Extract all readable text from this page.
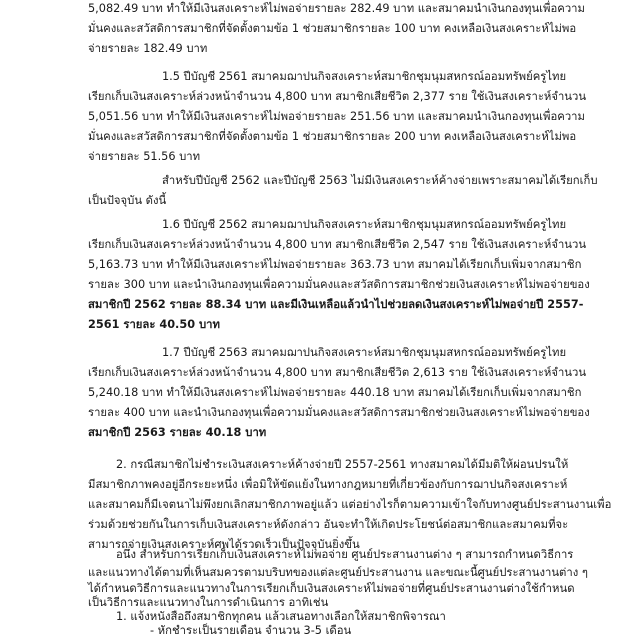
5,082.49 บาท ทำให้มีเงินสงเคราะห์ไม่พอจ่ายรายละ 282.49 บาท และสมาคมนำเงินกองทุนเพื่อความ
มั่นคงและสวัสดิการสมาชิกที่จัดตั้งตามข้อ 1 ช่วยสมาชิกรายละ 100 บาท คงเหลือเงินสงเคราะห์ไม่พอ
จ่ายรายละ 182.49 บาท
1.5 ปีบัญชี 2561 สมาคมฌาปนกิจสงเคราะห์สมาชิกชุมนุมสหกรณ์ออมทรัพย์ครูไทย
เรียกเก็บเงินสงเคราะห์ล่วงหน้าจำนวน 4,800 บาท สมาชิกเสียชีวิต 2,377 ราย ใช้เงินสงเคราะห์จำนวน
5,051.56 บาท ทำให้มีเงินสงเคราะห์ไม่พอจ่ายรายละ 251.56 บาท และสมาคมนำเงินกองทุนเพื่อความ
มั่นคงและสวัสดิการสมาชิกที่จัดตั้งตามข้อ 1 ช่วยสมาชิกรายละ 200 บาท คงเหลือเงินสงเคราะห์ไม่พอ
จ่ายรายละ 51.56 บาท
สำหรับปีบัญชี 2562 และปีบัญชี 2563 ไม่มีเงินสงเคราะห์ค้างจ่ายเพราะสมาคมได้เรียกเก็บ
เป็นปัจจุบัน ดังนี้
1.6 ปีบัญชี 2562 สมาคมฌาปนกิจสงเคราะห์สมาชิกชุมนุมสหกรณ์ออมทรัพย์ครูไทย
เรียกเก็บเงินสงเคราะห์ล่วงหน้าจำนวน 4,800 บาท สมาชิกเสียชีวิต 2,547 ราย ใช้เงินสงเคราะห์จำนวน
5,163.73 บาท ทำให้มีเงินสงเคราะห์ไม่พอจ่ายรายละ 363.73 บาท สมาคมได้เรียกเก็บเพิ่มจากสมาชิก
รายละ 300 บาท และนำเงินกองทุนเพื่อความมั่นคงและสวัสดิการสมาชิกช่วยเงินสงเคราะห์ไม่พอจ่ายของ
สมาชิกปี 2562 รายละ 88.34 บาท และมีเงินเหลือแล้วนำไปช่วยลดเงินสงเคราะห์ไม่พอจ่ายปี 2557-
2561 รายละ 40.50 บาท
1.7 ปีบัญชี 2563 สมาคมฌาปนกิจสงเคราะห์สมาชิกชุมนุมสหกรณ์ออมทรัพย์ครูไทย
เรียกเก็บเงินสงเคราะห์ล่วงหน้าจำนวน 4,800 บาท สมาชิกเสียชีวิต 2,613 ราย ใช้เงินสงเคราะห์จำนวน
5,240.18 บาท ทำให้มีเงินสงเคราะห์ไม่พอจ่ายรายละ 440.18 บาท สมาคมได้เรียกเก็บเพิ่มจากสมาชิก
รายละ 400 บาท และนำเงินกองทุนเพื่อความมั่นคงและสวัสดิการสมาชิกช่วยเงินสงเคราะห์ไม่พอจ่ายของ
สมาชิกปี 2563 รายละ 40.18 บาท
2. กรณีสมาชิกไม่ชำระเงินสงเคราะห์ค้างจ่ายปี 2557-2561 ทางสมาคมได้มีมติให้ผ่อนปรนให้
มีสมาชิกภาพคงอยู่อีกระยะหนึ่ง เพื่อมิให้ขัดแย้งในทางกฎหมายที่เกี่ยวข้องกับการฌาปนกิจสงเคราะห์
และสมาคมก็มีเจตนาไม่พึงยกเลิกสมาชิกภาพอยู่แล้ว แต่อย่างไรก็ตามความเข้าใจกับทางศูนย์ประสานงานเพื่อ
ร่วมด้วยช่วยกันในการเก็บเงินสงเคราะห์ดังกล่าว อันจะทำให้เกิดประโยชน์ต่อสมาชิกและสมาคมที่จะ
สามารถจ่ายเงินสงเคราะห์ศพได้รวดเร็วเป็นปัจจุบันยิ่งขึ้น
อนึ่ง สำหรับการเรียกเก็บเงินสงเคราะห์ไม่พอจ่าย ศูนย์ประสานงานต่าง ๆ สามารถกำหนดวิธีการ
และแนวทางได้ตามที่เห็นสมควรตามบริบทของแต่ละศูนย์ประสานงาน และขณะนี้ศูนย์ประสานงานต่าง ๆ
ได้กำหนดวิธีการและแนวทางในการเรียกเก็บเงินสงเคราะห์ไม่พอจ่ายที่ศูนย์ประสานงานต่างใช้กำหนด
เป็นวิธีการและแนวทางในการดำเนินการ อาทิเช่น
1. แจ้งหนังสือถึงสมาชิกทุกคน แล้วเสนอทางเลือกให้สมาชิกพิจารณา
- หักชำระเป็นรายเดือน จำนวน 3-5 เดือน
